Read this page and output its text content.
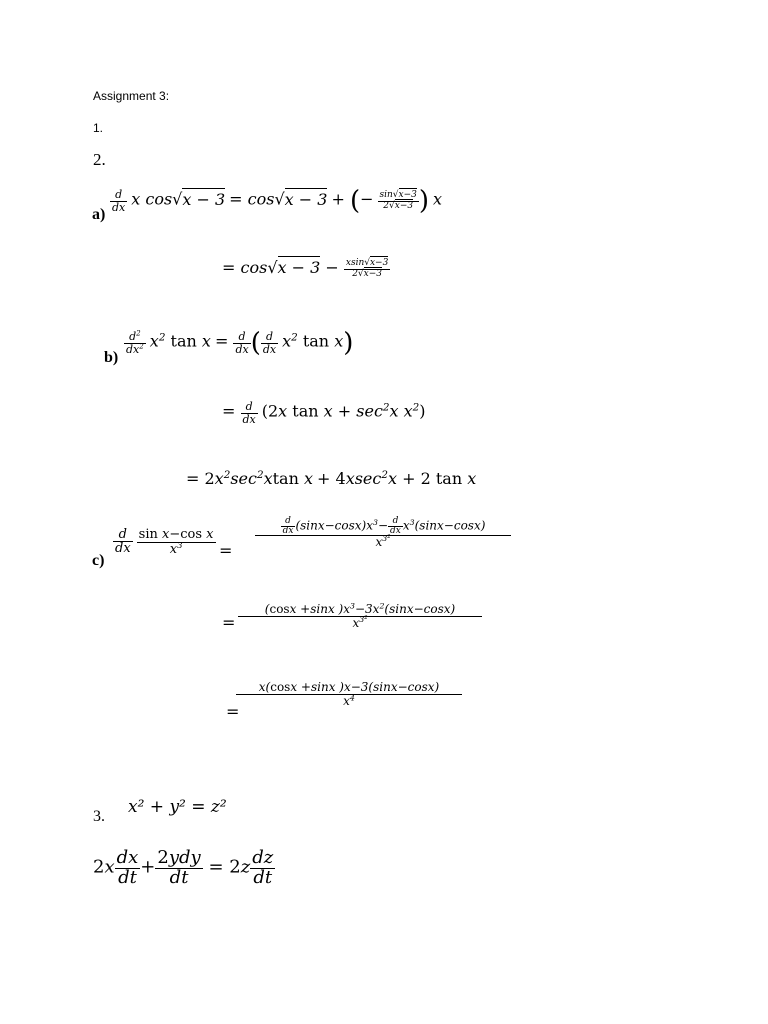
Assignment 3:
1.
2.
a)
$\frac{d}{dx}$ x cos√x − 3 = cos√x − 3 + (− $\frac{\sin√x-3}{2√x-3}$ ) x
= $\cos√x - 3 - \frac{xsin√x-3}{2√x-3}$
b)
$\frac{d^2}{dx^2} x^2$ $\tan x = \frac{d}{dx}$ ( $\frac{d}{dx} x^2$ tan x)
= $\frac{d}{dx} (2x$ $\tan x + \sec^2x$ $x^2$)
= $2x^2\sec^2xtan$ x + 4xsec$^2$x + 2 tan x
c)
$\frac{d}{dx}$
$\frac{\text{sin x−cos x}}{x^3}$ =
$\frac{\frac{d}{dx} (\sin x-\cos x)x^3- \frac{d}{dx} x^3(\sin x-\cos x)}{x^{3^2}}$
= $\frac{(\cos x +\sin x )x^3-3x^2(\sin x-\cos x)}{x^{3^2}}$
=
$\frac{x(\cos x +\sin x )x-3(\sin x-\cos x)}{x^4}$
3. x² + y² = z²
$2x \frac{dx}{dt} + \frac{\text{2ydy}}{dt} = 2z \frac{dz}{dt}$
